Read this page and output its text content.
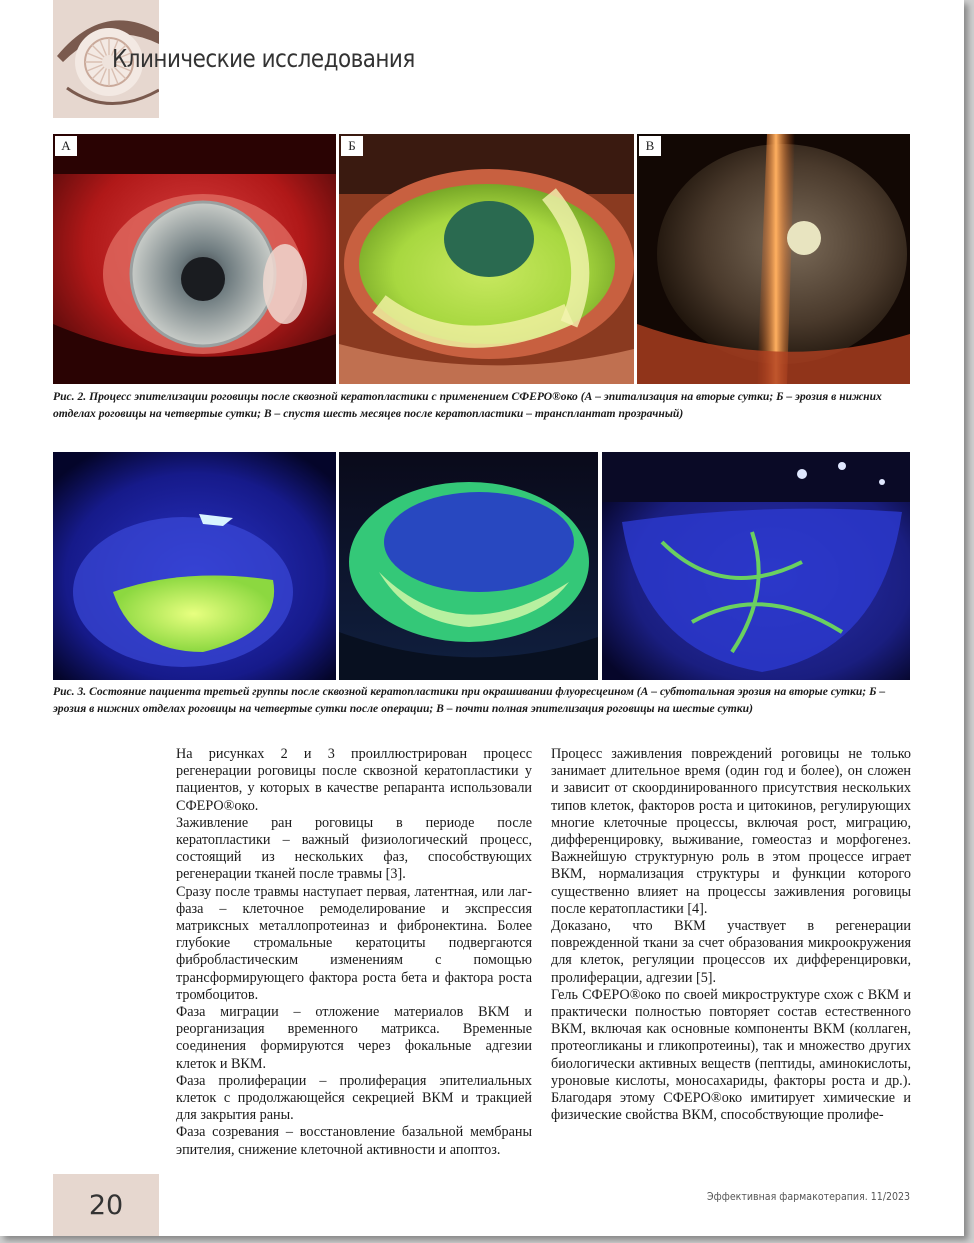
Клинические исследования
А	Б	В
Рис. 2. Процесс эпителизации роговицы после сквозной кератопластики с применением СФЕРО®око (А – эпитализация на вторые сутки; Б – эрозия в нижних отделах роговицы на четвертые сутки; В – спустя шесть месяцев после кератопластики – трансплантат прозрачный)
Рис. 3. Состояние пациента третьей группы после сквозной кератопластики при окрашивании флуоресцеином (А – субтотальная эрозия на вторые сутки; Б – эрозия в нижних отделах роговицы на четвертые сутки после операции; В – почти полная эпителизация роговицы на шестые сутки)

На рисунках 2 и 3 проиллюстрирован процесс регенерации роговицы после сквозной кератопластики у пациентов, у которых в качестве репаранта использовали СФЕРО®око.

Заживление ран роговицы в периоде после кератопластики – важный физиологический процесс, состоящий из нескольких фаз, способствующих регенерации тканей после травмы [3].

Сразу после травмы наступает первая, латентная, или лаг-фаза – клеточное ремоделирование и экспрессия матриксных металлопротеиназ и фибронектина. Более глубокие стромальные кератоциты подвергаются фибробластическим изменениям с помощью трансформирующего фактора роста бета и фактора роста тромбоцитов.

Фаза миграции – отложение материалов ВКМ и реорганизация временного матрикса. Временные соединения формируются через фокальные адгезии клеток и ВКМ.

Фаза пролиферации – пролиферация эпителиальных клеток с продолжающейся секрецией ВКМ и тракцией для закрытия раны.

Фаза созревания – восстановление базальной мембраны эпителия, снижение клеточной активности и апоптоз.

Процесс заживления повреждений роговицы не только занимает длительное время (один год и более), он сложен и зависит от скоординированного присутствия нескольких типов клеток, факторов роста и цитокинов, регулирующих многие клеточные процессы, включая рост, миграцию, дифференцировку, выживание, гомеостаз и морфогенез. Важнейшую структурную роль в этом процессе играет ВКМ, нормализация структуры и функции которого существенно влияет на процессы заживления роговицы после кератопластики [4].

Доказано, что ВКМ участвует в регенерации поврежденной ткани за счет образования микроокружения для клеток, регуляции процессов их дифференцировки, пролиферации, адгезии [5].

Гель СФЕРО®око по своей микроструктуре схож с ВКМ и практически полностью повторяет состав естественного ВКМ, включая как основные компоненты ВКМ (коллаген, протеогликаны и гликопротеины), так и множество других биологически активных веществ (пептиды, аминокислоты, уроновые кислоты, моносахариды, факторы роста и др.). Благодаря этому СФЕРО®око имитирует химические и физические свойства ВКМ, способствующие пролифе-

20	Эффективная фармакотерапия. 11/2023
